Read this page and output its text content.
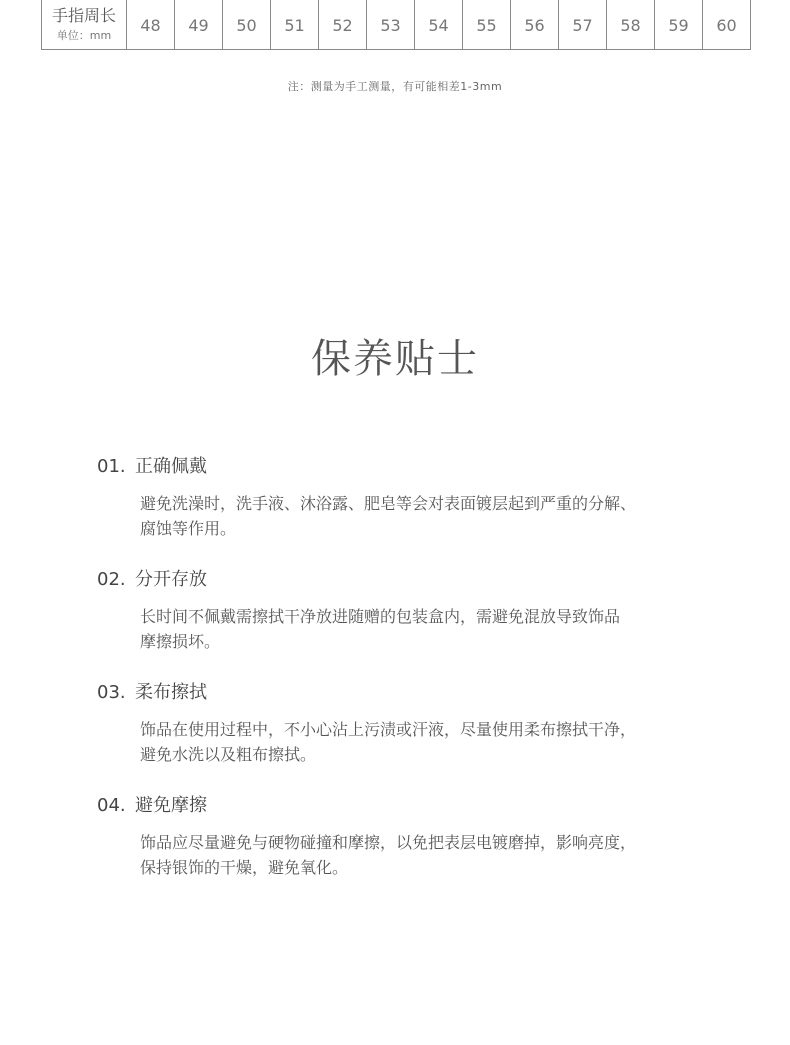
手指周长
单位：mm
48	49	50	51	52	53	54	55	56	57	58	59	60
注：测量为手工测量，有可能相差1-3mm
保养贴士
01. 正确佩戴
避免洗澡时，洗手液、沐浴露、肥皂等会对表面镀层起到严重的分解、
腐蚀等作用。
02. 分开存放
长时间不佩戴需擦拭干净放进随赠的包装盒内，需避免混放导致饰品
摩擦损坏。
03. 柔布擦拭
饰品在使用过程中，不小心沾上污渍或汗液，尽量使用柔布擦拭干净，
避免水洗以及粗布擦拭。
04. 避免摩擦
饰品应尽量避免与硬物碰撞和摩擦，以免把表层电镀磨掉，影响亮度，
保持银饰的干燥，避免氧化。
